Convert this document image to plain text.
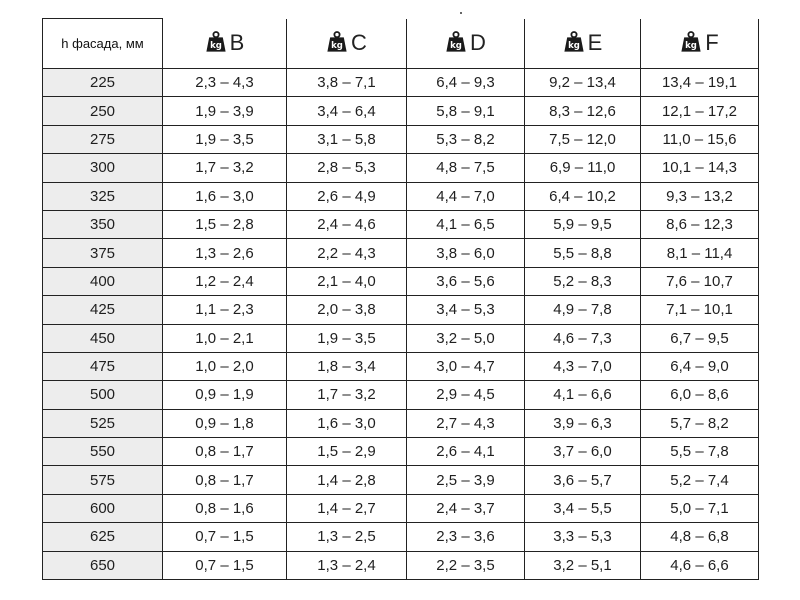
h фасада, мм	kg B	kg C	kg D	kg E	kg F

225	2,3 – 4,3	3,8 – 7,1	6,4 – 9,3	9,2 – 13,4	13,4 – 19,1
250	1,9 – 3,9	3,4 – 6,4	5,8 – 9,1	8,3 – 12,6	12,1 – 17,2
275	1,9 – 3,5	3,1 – 5,8	5,3 – 8,2	7,5 – 12,0	11,0 – 15,6
300	1,7 – 3,2	2,8 – 5,3	4,8 – 7,5	6,9 – 11,0	10,1 – 14,3
325	1,6 – 3,0	2,6 – 4,9	4,4 – 7,0	6,4 – 10,2	9,3 – 13,2
350	1,5 – 2,8	2,4 – 4,6	4,1 – 6,5	5,9 – 9,5	8,6 – 12,3
375	1,3 – 2,6	2,2 – 4,3	3,8 – 6,0	5,5 – 8,8	8,1 – 11,4
400	1,2 – 2,4	2,1 – 4,0	3,6 – 5,6	5,2 – 8,3	7,6 – 10,7
425	1,1 – 2,3	2,0 – 3,8	3,4 – 5,3	4,9 – 7,8	7,1 – 10,1
450	1,0 – 2,1	1,9 – 3,5	3,2 – 5,0	4,6 – 7,3	6,7 – 9,5
475	1,0 – 2,0	1,8 – 3,4	3,0 – 4,7	4,3 – 7,0	6,4 – 9,0
500	0,9 – 1,9	1,7 – 3,2	2,9 – 4,5	4,1 – 6,6	6,0 – 8,6
525	0,9 – 1,8	1,6 – 3,0	2,7 – 4,3	3,9 – 6,3	5,7 – 8,2
550	0,8 – 1,7	1,5 – 2,9	2,6 – 4,1	3,7 – 6,0	5,5 – 7,8
575	0,8 – 1,7	1,4 – 2,8	2,5 – 3,9	3,6 – 5,7	5,2 – 7,4
600	0,8 – 1,6	1,4 – 2,7	2,4 – 3,7	3,4 – 5,5	5,0 – 7,1
625	0,7 – 1,5	1,3 – 2,5	2,3 – 3,6	3,3 – 5,3	4,8 – 6,8
650	0,7 – 1,5	1,3 – 2,4	2,2 – 3,5	3,2 – 5,1	4,6 – 6,6
